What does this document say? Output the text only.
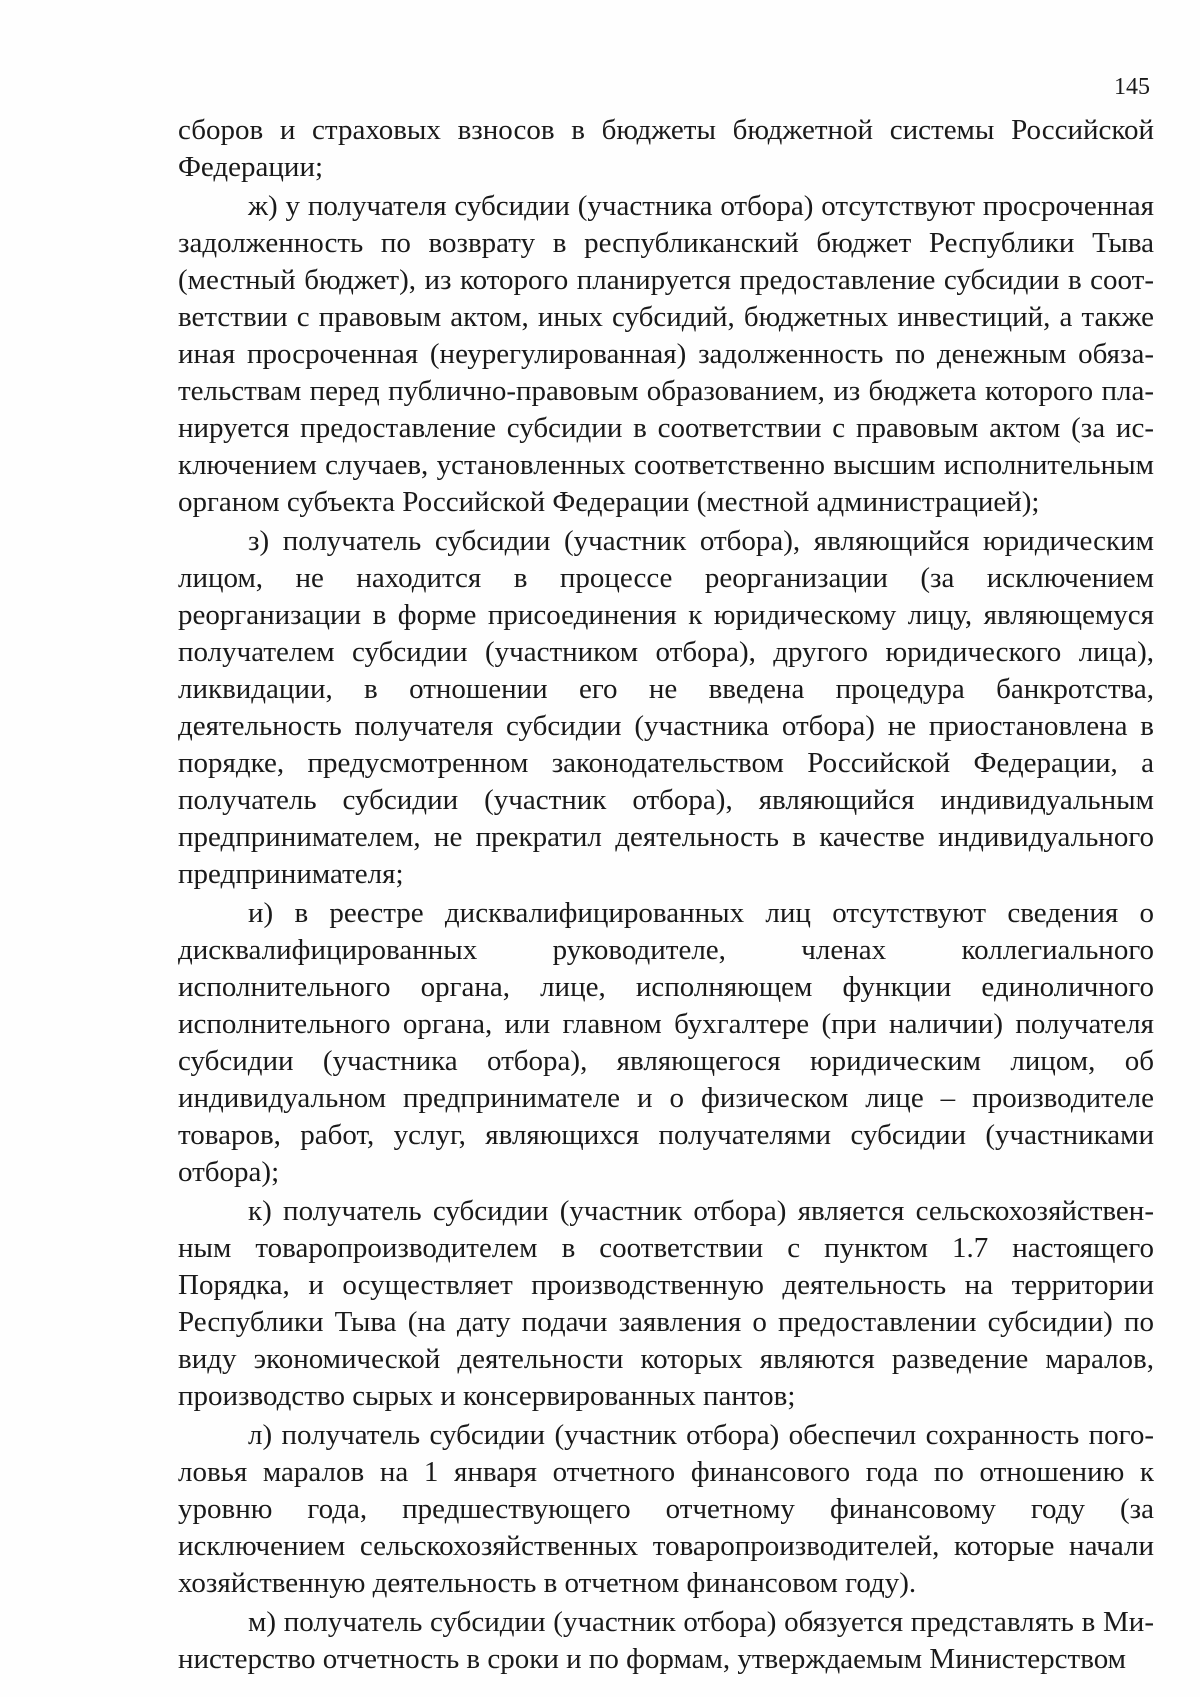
145

сборов и страховых взносов в бюджеты бюджетной системы Российской Федерации;

ж) у получателя субсидии (участника отбора) отсутствуют просроченная задолженность по возврату в республиканский бюджет Республики Тыва (местный бюджет), из которого планируется предоставление субсидии в соответствии с правовым актом, иных субсидий, бюджетных инвестиций, а также иная просроченная (неурегулированная) задолженность по денежным обязательствам перед публично-правовым образованием, из бюджета которого планируется предоставление субсидии в соответствии с правовым актом (за исключением случаев, установленных соответственно высшим исполнительным органом субъекта Российской Федерации (местной администрацией);

з) получатель субсидии (участник отбора), являющийся юридическим лицом, не находится в процессе реорганизации (за исключением реорганизации в форме присоединения к юридическому лицу, являющемуся получателем субсидии (участником отбора), другого юридического лица), ликвидации, в отношении его не введена процедура банкротства, деятельность получателя субсидии (участника отбора) не приостановлена в порядке, предусмотренном законодательством Российской Федерации, а получатель субсидии (участник отбора), являющийся индивидуальным предпринимателем, не прекратил деятельность в качестве индивидуального предпринимателя;

и) в реестре дисквалифицированных лиц отсутствуют сведения о дисквалифицированных руководителе, членах коллегиального исполнительного органа, лице, исполняющем функции единоличного исполнительного органа, или главном бухгалтере (при наличии) получателя субсидии (участника отбора), являющегося юридическим лицом, об индивидуальном предпринимателе и о физическом лице – производителе товаров, работ, услуг, являющихся получателями субсидии (участниками отбора);

к) получатель субсидии (участник отбора) является сельскохозяйственным товаропроизводителем в соответствии с пунктом 1.7 настоящего Порядка, и осуществляет производственную деятельность на территории Республики Тыва (на дату подачи заявления о предоставлении субсидии) по виду экономической деятельности которых являются разведение маралов, производство сырых и консервированных пантов;

л) получатель субсидии (участник отбора) обеспечил сохранность поголовья маралов на 1 января отчетного финансового года по отношению к уровню года, предшествующего отчетному финансовому году (за исключением сельскохозяйственных товаропроизводителей, которые начали хозяйственную деятельность в отчетном финансовом году).

м) получатель субсидии (участник отбора) обязуется представлять в Министерство отчетность в сроки и по формам, утверждаемым Министерством
